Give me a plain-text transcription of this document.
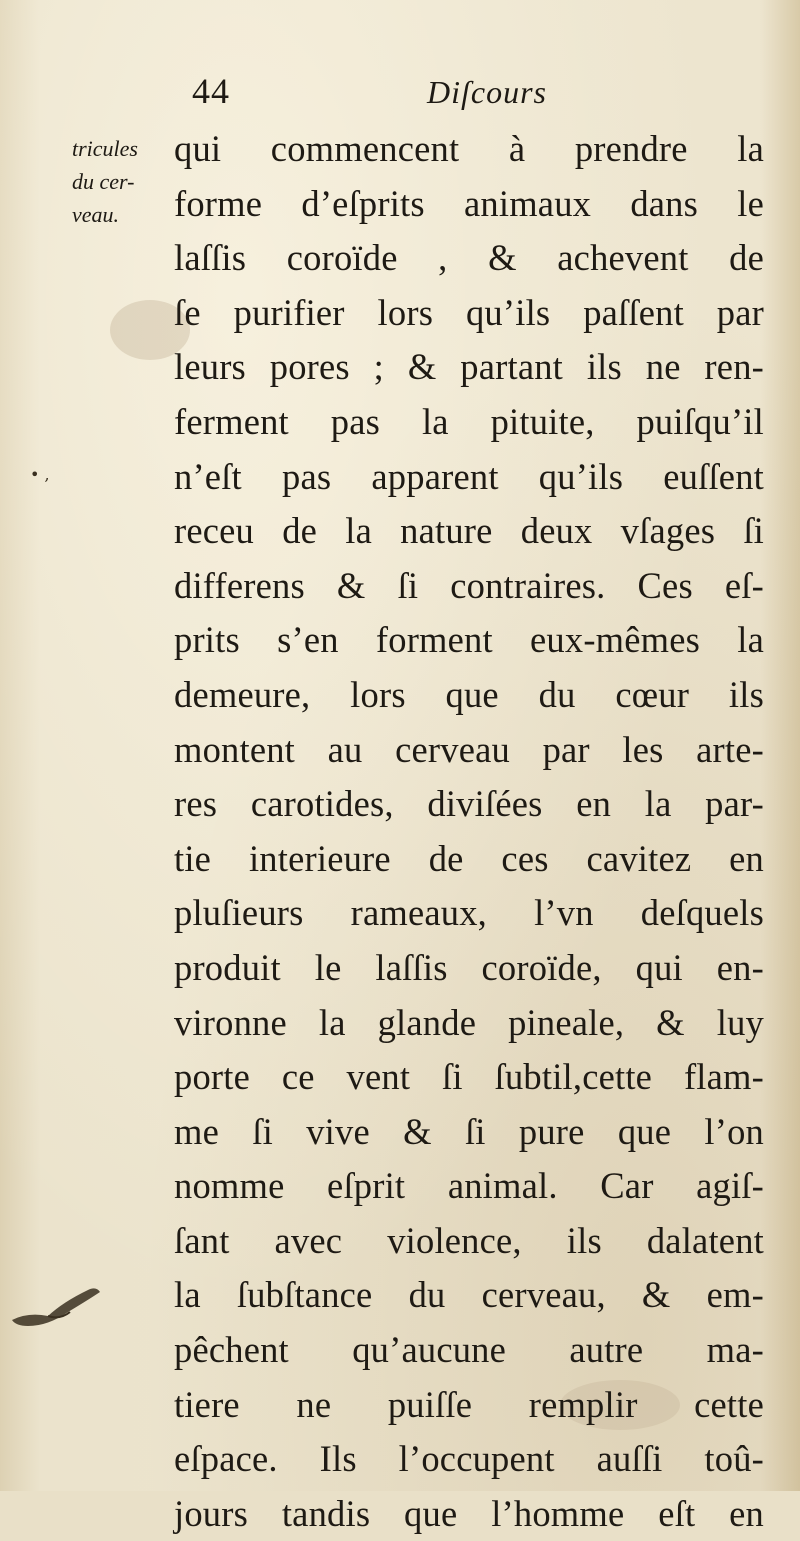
44	Diſcours
tricules
du cer-
veau.
• ,
qui commencent à prendre la
forme d’eſprits animaux dans le
laſſis coroïde , & achevent de
ſe purifier lors qu’ils paſſent par
leurs pores ; & partant ils ne ren-
ferment pas la pituite, puiſqu’il
n’eſt pas apparent qu’ils euſſent
receu de la nature deux vſages ſi
differens & ſi contraires. Ces eſ-
prits s’en forment eux-mêmes la
demeure, lors que du cœur ils
montent au cerveau par les arte-
res carotides, diviſées en la par-
tie interieure de ces cavitez en
pluſieurs rameaux, l’vn deſquels
produit le laſſis coroïde, qui en-
vironne la glande pineale, & luy
porte ce vent ſi ſubtil,cette flam-
me ſi vive & ſi pure que l’on
nomme eſprit animal. Car agiſ-
ſant avec violence, ils dalatent
la ſubſtance du cerveau, & em-
pêchent qu’aucune autre ma-
tiere ne puiſſe remplir cette
eſpace. Ils l’occupent auſſi toû-
jours tandis que l’homme eſt en
